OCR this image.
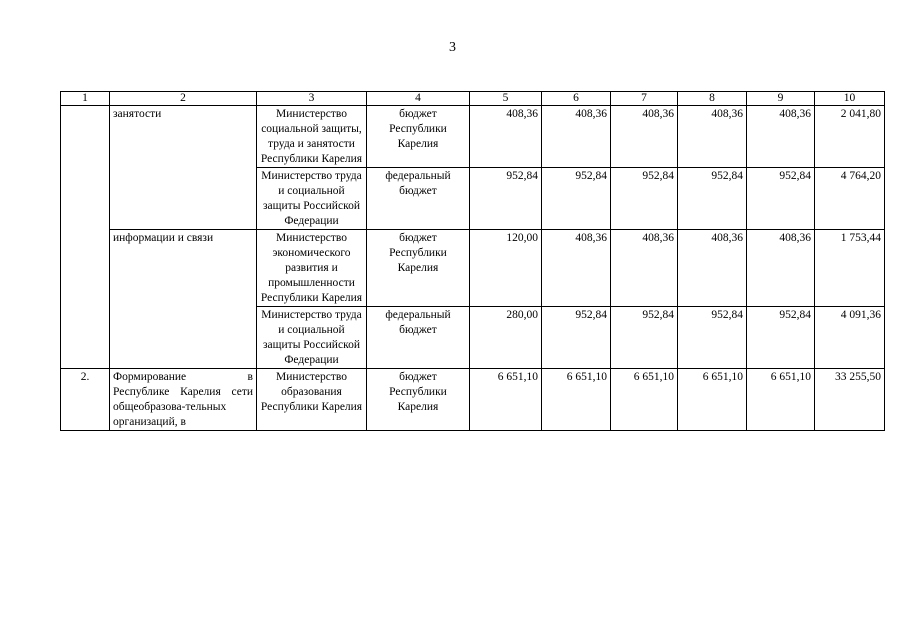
3
1	2	3	4	5	6	7	8	9	10
	занятости	Министерство социальной защиты, труда и занятости Республики Карелия	бюджет Республики Карелия	408,36	408,36	408,36	408,36	408,36	2 041,80
		Министерство труда и социальной защиты Российской Федерации	федеральный бюджет	952,84	952,84	952,84	952,84	952,84	4 764,20
	информации и связи	Министерство экономического развития и промышленности Республики Карелия	бюджет Республики Карелия	120,00	408,36	408,36	408,36	408,36	1 753,44
		Министерство труда и социальной защиты Российской Федерации	федеральный бюджет	280,00	952,84	952,84	952,84	952,84	4 091,36
2.	Формирование в Республике Карелия сети общеобразова-тельных организаций, в	Министерство образования Республики Карелия	бюджет Республики Карелия	6 651,10	6 651,10	6 651,10	6 651,10	6 651,10	33 255,50
